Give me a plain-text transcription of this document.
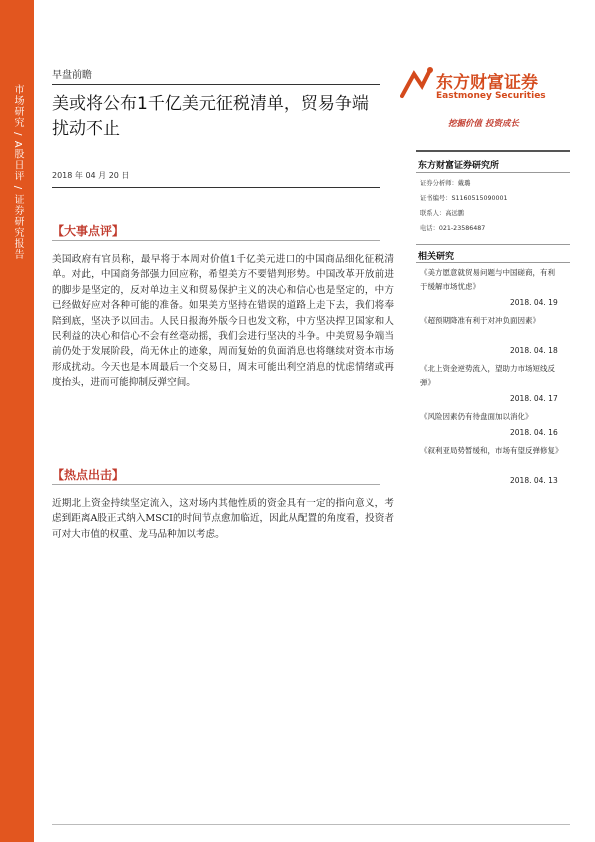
市场研究 / A股日评 / 证券研究报告
早盘前瞻
美或将公布1千亿美元征税清单，贸易争端扰动不止
2018 年 04 月 20 日
【大事点评】
美国政府有官员称，最早将于本周对价值1千亿美元进口的中国商品细化征税清单。对此，中国商务部强力回应称，希望美方不要错判形势。中国改革开放前进的脚步是坚定的，反对单边主义和贸易保护主义的决心和信心也是坚定的，中方已经做好应对各种可能的准备。如果美方坚持在错误的道路上走下去，我们将奉陪到底，坚决予以回击。人民日报海外版今日也发文称，中方坚决捍卫国家和人民利益的决心和信心不会有丝毫动摇，我们会进行坚决的斗争。中美贸易争端当前仍处于发展阶段，尚无休止的迹象，周而复始的负面消息也将继续对资本市场形成扰动。今天也是本周最后一个交易日，周末可能出利空消息的忧虑情绪或再度抬头，进而可能抑制反弹空间。
【热点出击】
近期北上资金持续坚定流入，这对场内其他性质的资金具有一定的指向意义，考虑到距离A股正式纳入MSCI的时间节点愈加临近，因此从配置的角度看，投资者可对大市值的权重、龙马品种加以考虑。
东方财富证券
Eastmoney Securities
挖掘价值 投资成长
东方财富证券研究所
证券分析师：戴璐
证书编号：S1160515090001
联系人：高远鹏
电话：021-23586487
相关研究
《美方愿意就贸易问题与中国磋商，有利于缓解市场忧虑》
2018. 04. 19
《超预期降准有利于对冲负面因素》
2018. 04. 18
《北上资金逆势流入，望助力市场短线反弹》
2018. 04. 17
《风险因素仍有待盘面加以消化》
2018. 04. 16
《叙利亚局势暂缓和，市场有望反弹修复》
2018. 04. 13
